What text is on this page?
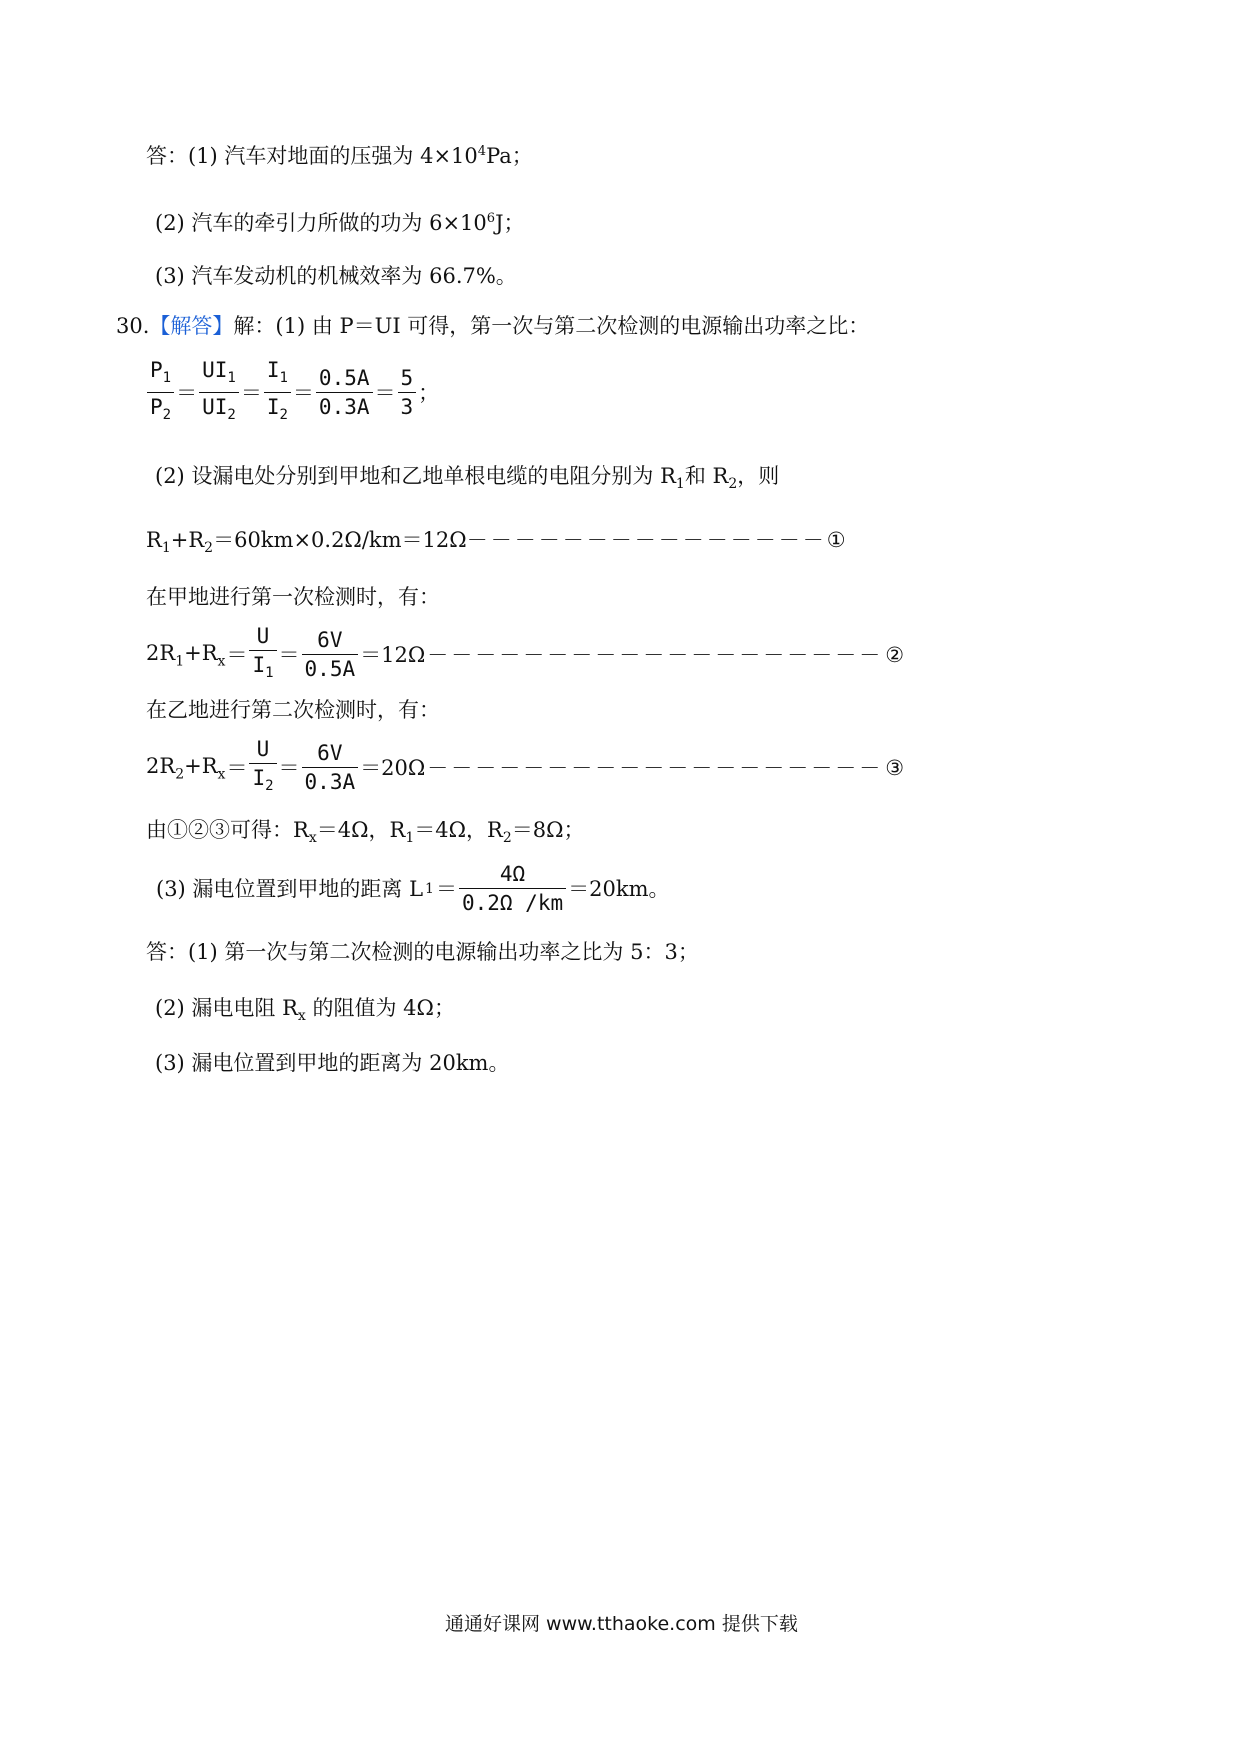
答：(1) 汽车对地面的压强为 $4\times 10^4Pa$；
(2) 汽车的牵引力所做的功为 $6\times 10^6J$；
(3) 汽车发动机的机械效率为 66.7%。
30.【解答】解：(1) 由 P＝UI 可得，第一次与第二次检测的电源输出功率之比：
$\frac{P_1}{P_2} = \frac{UI_1}{UI_2} = \frac{I_1}{I_2} = \frac{0.5A}{0.3A} = \frac{5}{3}$ ；
(2) 设漏电处分别到甲地和乙地单根电缆的电阻分别为 $R_1$和 $R_2$，则
$R_1+R_2=60km\times 0.2\Omega/km=12\Omega---------------①$
在甲地进行第一次检测时，有：
$2R_1+R_x= \frac{U}{I_1} = \frac{6V}{0.5A}$ ＝12Ω－－－－－－－－－－－－－－－－－－－②
在乙地进行第二次检测时，有：
$2R_2+R_x= \frac{U}{I_2} = \frac{6V}{0.3A}$ ＝20Ω－－－－－－－－－－－－－－－－－－－③
由①②③可得：$R_x=4\Omega$，$R_1=4\Omega$，$R_2=8\Omega$；
(3) 漏电位置到甲地的距离 L $1= \frac{4\Omega}{0.2\Omega /km} =20km$。
答：(1) 第一次与第二次检测的电源输出功率之比为 5：3；
(2) 漏电电阻 $R_x$ 的阻值为 4Ω；
(3) 漏电位置到甲地的距离为 20km。
通通好课网 www.tthaoke.com 提供下载
